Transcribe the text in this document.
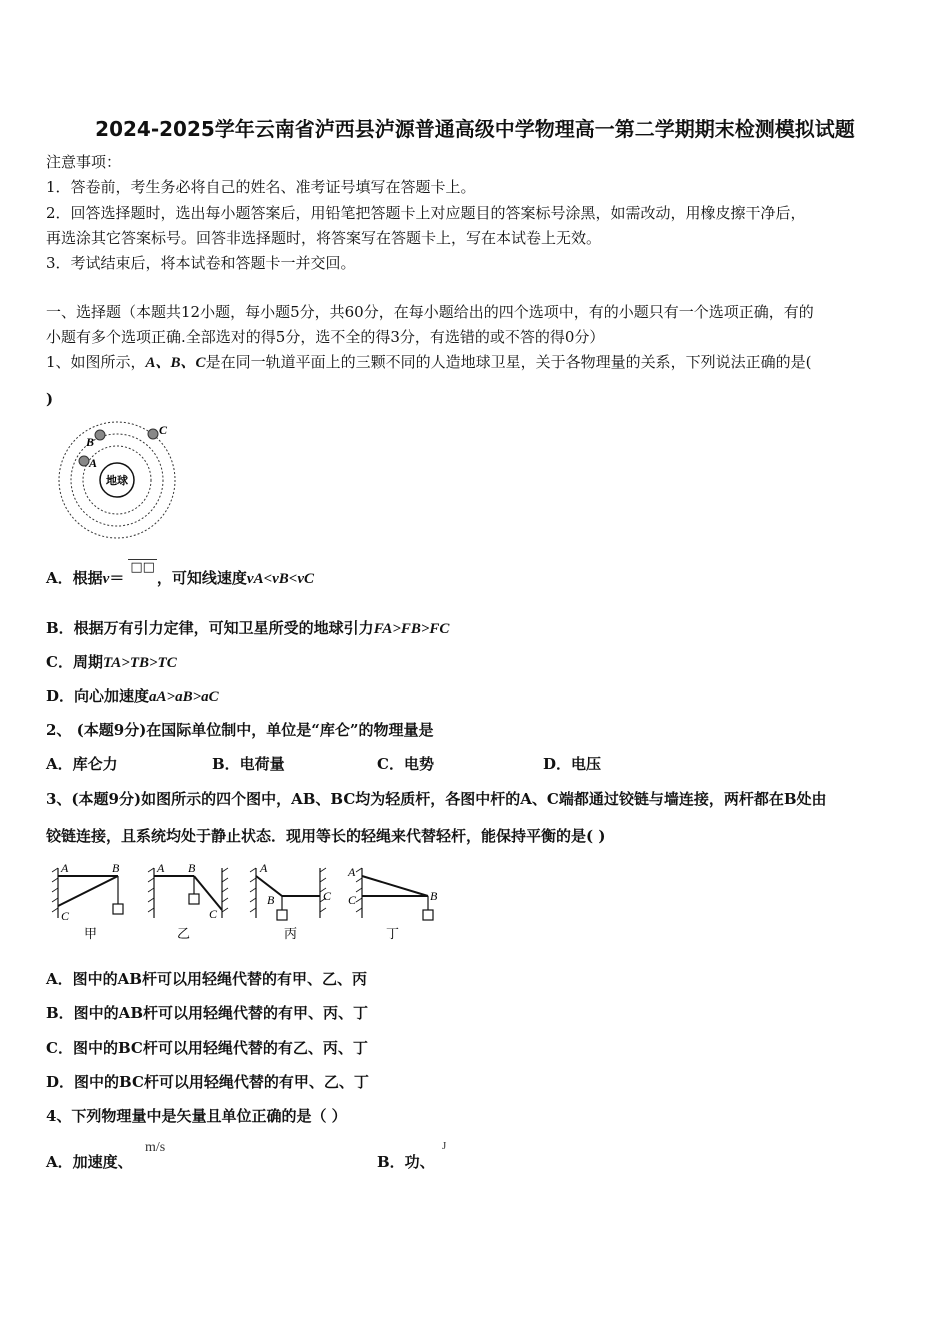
2024-2025学年云南省泸西县泸源普通高级中学物理高一第二学期期末检测模拟试题
注意事项：
1．答卷前，考生务必将自己的姓名、准考证号填写在答题卡上。
2．回答选择题时，选出每小题答案后，用铅笔把答题卡上对应题目的答案标号涂黑，如需改动，用橡皮擦干净后，
再选涂其它答案标号。回答非选择题时，将答案写在答题卡上，写在本试卷上无效。
3．考试结束后，将本试卷和答题卡一并交回。
一、选择题（本题共12小题，每小题5分，共60分，在每小题给出的四个选项中，有的小题只有一个选项正确，有的
小题有多个选项正确.全部选对的得5分，选不全的得3分，有选错的或不答的得0分）
1、如图所示，A、B、C是在同一轨道平面上的三颗不同的人造地球卫星，关于各物理量的关系，下列说法正确的是(
)
地球
A
B
C
A．根据v＝□□，可知线速度vA<vB<vC
B．根据万有引力定律，可知卫星所受的地球引力FA>FB>FC
C．周期TA>TB>TC
D．向心加速度aA>aB>aC
2、 (本题9分)在国际单位制中，单位是“库仑”的物理量是
A．库仑力	B．电荷量	C．电势	D．电压
3、(本题9分)如图所示的四个图中，AB、BC均为轻质杆，各图中杆的A、C端都通过铰链与墙连接，两杆都在B处由
铰链连接，且系统均处于静止状态．现用等长的轻绳来代替轻杆，能保持平衡的是( )
A	B
C
A B
C
A
B	C
A
B
C
甲	乙	丙	丁
A．图中的AB杆可以用轻绳代替的有甲、乙、丙
B．图中的AB杆可以用轻绳代替的有甲、丙、丁
C．图中的BC杆可以用轻绳代替的有乙、丙、丁
D．图中的BC杆可以用轻绳代替的有甲、乙、丁
4、下列物理量中是矢量且单位正确的是（ ）
A．加速度、
m/s
B．功、
J
